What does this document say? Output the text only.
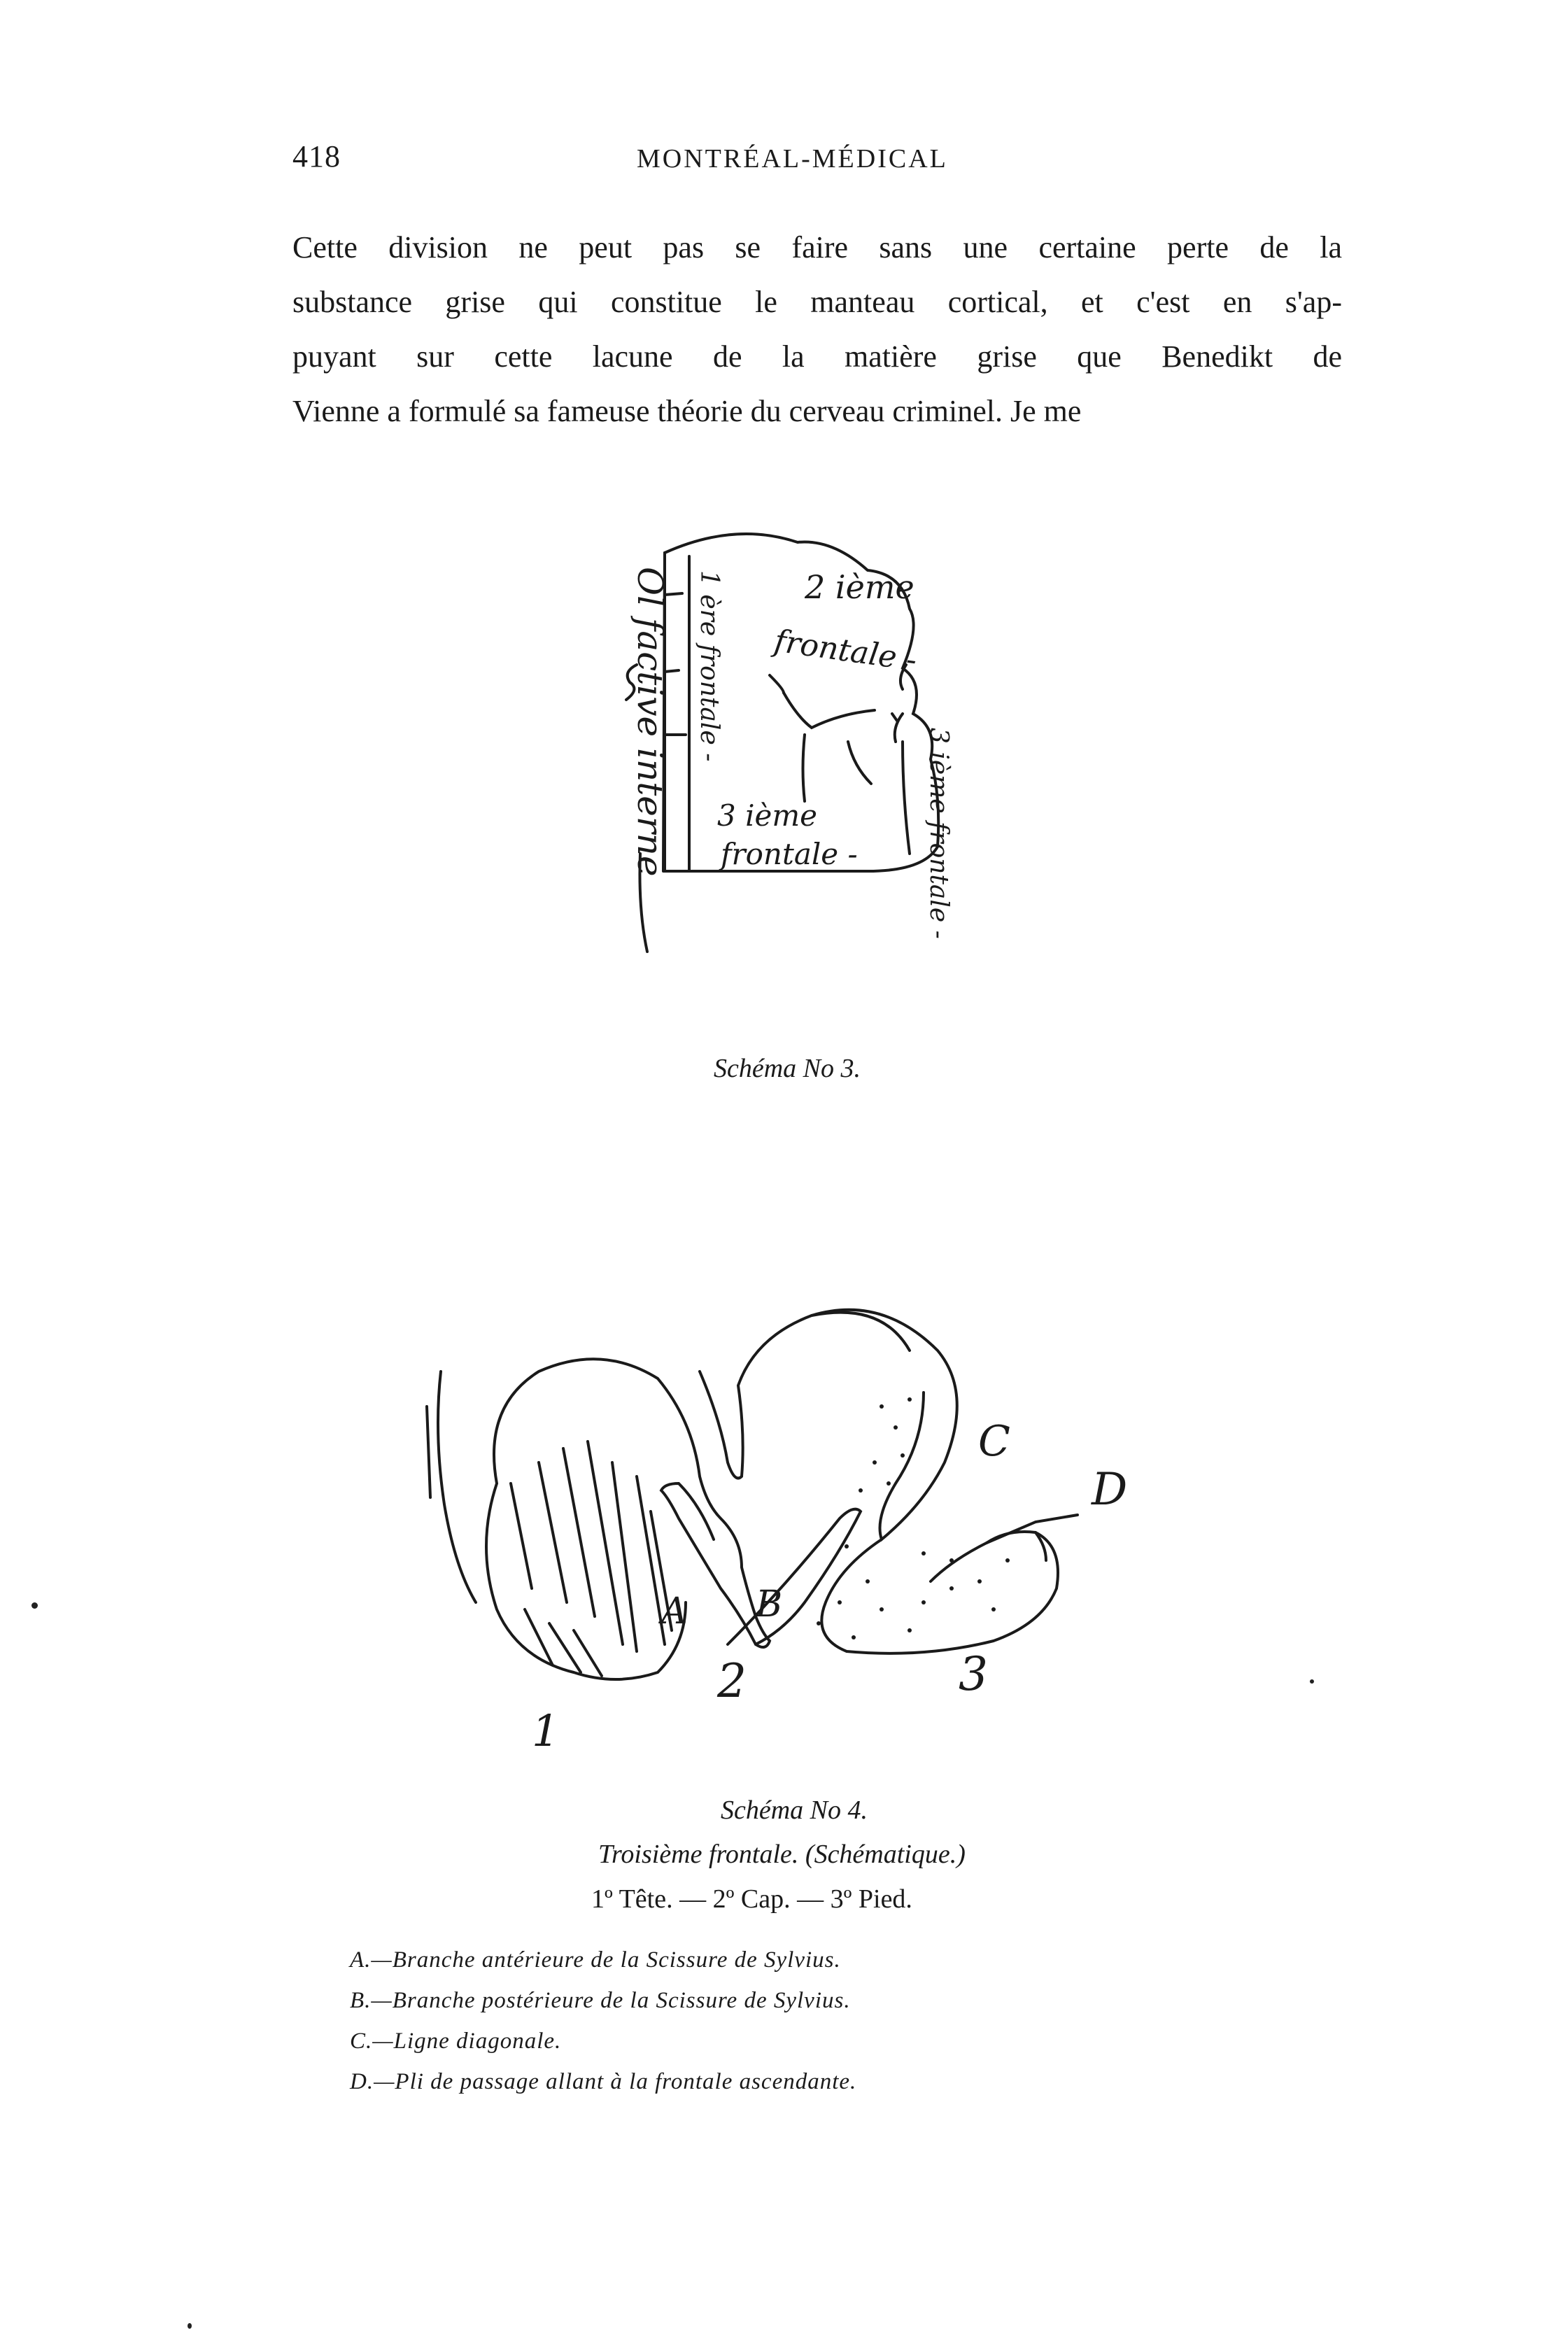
418	MONTRÉAL-MÉDICAL
Cette division ne peut pas se faire sans une certaine perte de la
substance grise qui constitue le manteau cortical, et c'est en s'ap-
puyant sur cette lacune de la matière grise que Benedikt de
Vienne a formulé sa fameuse théorie du cerveau criminel. Je me
2 ième
frontale -
1 ère frontale -
3 ième
frontale -	3 ième frontale -
Ol factive interne
Schéma No 3.
A B
C
D
1
2	3
Schéma No 4.
Troisième frontale. (Schématique.)
1º Tête. — 2º Cap. — 3º Pied.
A.—Branche antérieure de la Scissure de Sylvius.
B.—Branche postérieure de la Scissure de Sylvius.
C.—Ligne diagonale.
D.—Pli de passage allant à la frontale ascendante.
